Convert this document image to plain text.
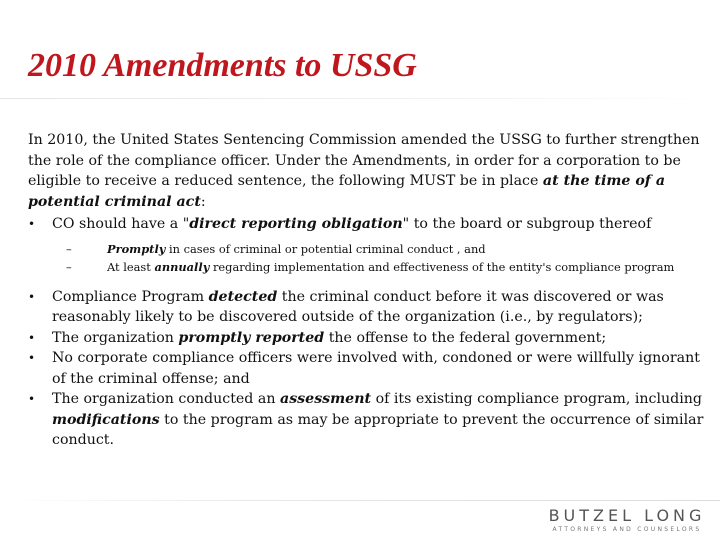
2010 Amendments to USSG

In 2010, the United States Sentencing Commission amended the USSG to further strengthen the role of the compliance officer. Under the Amendments, in order for a corporation to be eligible to receive a reduced sentence, the following MUST be in place at the time of a potential criminal act:

•	CO should have a "direct reporting obligation" to the board or subgroup thereof
–	Promptly in cases of criminal or potential criminal conduct , and
–	At least annually regarding implementation and effectiveness of the entity's compliance program
•	Compliance Program detected the criminal conduct before it was discovered or was reasonably likely to be discovered outside of the organization (i.e., by regulators);
•	The organization promptly reported the offense to the federal government;
•	No corporate compliance officers were involved with, condoned or were willfully ignorant of the criminal offense; and
•	The organization conducted an assessment of its existing compliance program, including modifications to the program as may be appropriate to prevent the occurrence of similar conduct.
BUTZEL LONG
ATTORNEYS AND COUNSELORS
